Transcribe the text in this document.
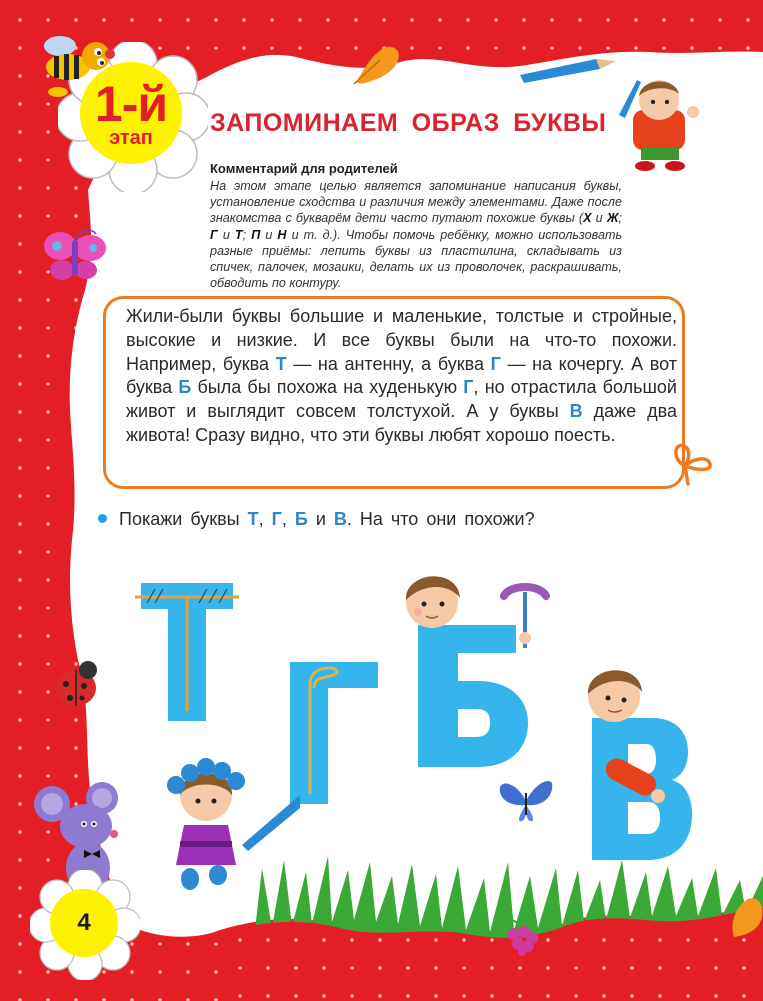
1-й
этап
ЗАПОМИНАЕМ ОБРАЗ БУКВЫ
Комментарий для родителей
На этом этапе целью является запоминание написания буквы, установление сходства и различия между элементами. Даже после знакомства с букварём дети часто путают похожие буквы (Х и Ж; Г и Т; П и Н и т. д.). Чтобы помочь ребёнку, можно использовать разные приёмы: лепить буквы из пластилина, складывать из спичек, палочек, мозаики, делать их из проволочек, раскрашивать, обводить по контуру.
Жили-были буквы большие и маленькие, толстые и стройные, высокие и низкие. И все буквы были на что-то похожи. Например, буква Т — на антенну, а буква Г — на кочергу. А вот буква Б была бы похожа на худенькую Г, но отрастила большой живот и выглядит совсем толстухой. А у буквы В даже два живота! Сразу видно, что эти буквы любят хорошо поесть.
Покажи буквы Т, Г, Б и В. На что они похожи?
4
